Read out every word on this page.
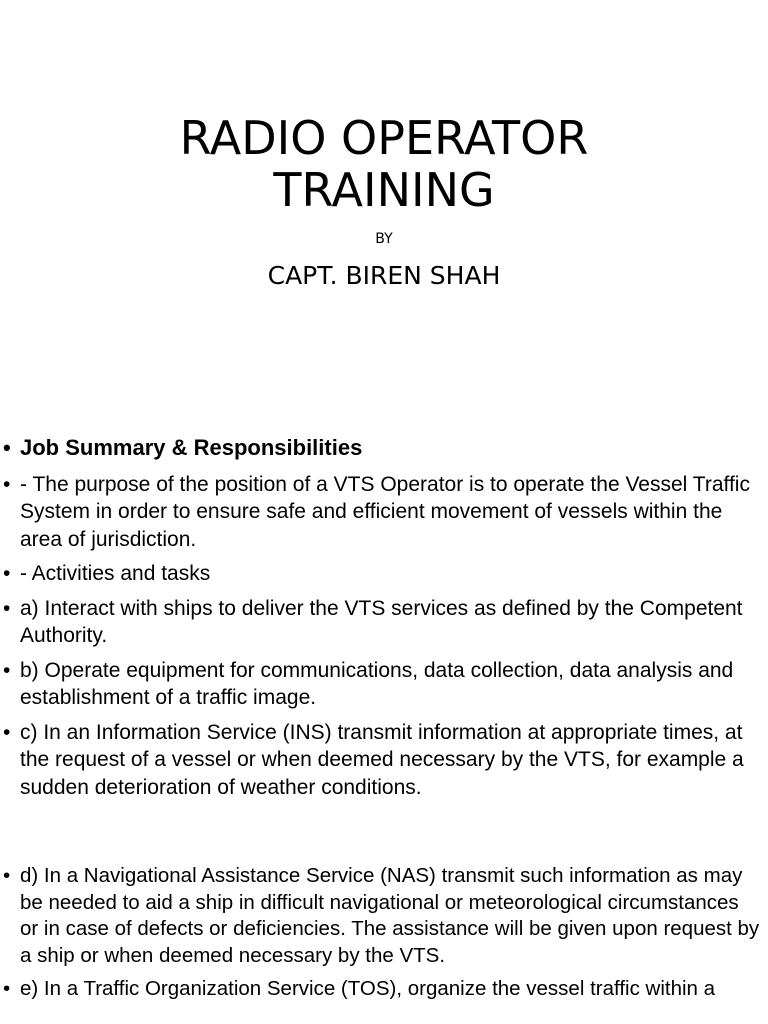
RADIO OPERATOR
TRAINING
BY
CAPT. BIREN SHAH
• Job Summary & Responsibilities
• - The purpose of the position of a VTS Operator is to operate the Vessel Traffic System in order to ensure safe and efficient movement of vessels within the area of jurisdiction.
• - Activities and tasks
• a) Interact with ships to deliver the VTS services as defined by the Competent Authority.
• b) Operate equipment for communications, data collection, data analysis and establishment of a traffic image.
• c) In an Information Service (INS) transmit information at appropriate times, at the request of a vessel or when deemed necessary by the VTS, for example a sudden deterioration of weather conditions.
• d) In a Navigational Assistance Service (NAS) transmit such information as may be needed to aid a ship in difficult navigational or meteorological circumstances or in case of defects or deficiencies. The assistance will be given upon request by a ship or when deemed necessary by the VTS.
• e) In a Traffic Organization Service (TOS), organize the vessel traffic within a
